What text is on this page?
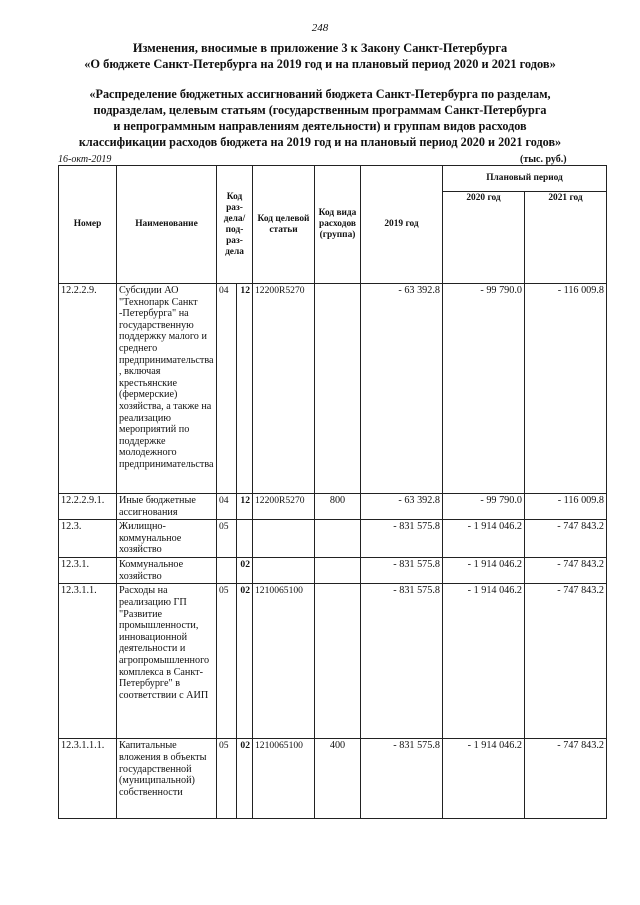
248
Изменения, вносимые в приложение 3 к Закону Санкт-Петербурга
«О бюджете Санкт-Петербурга на 2019 год и на плановый период 2020 и 2021 годов»
«Распределение бюджетных ассигнований бюджета Санкт-Петербурга по разделам,
подразделам, целевым статьям (государственным программам Санкт-Петербурга
и непрограммным направлениям деятельности) и группам видов расходов
классификации расходов бюджета на 2019 год и на плановый период 2020 и 2021 годов»
16-окт-2019	(тыс. руб.)
Номер	Наименование	Код раз-дела/ под-раз-дела		Код целевой статьи	Код вида расходов (группа)	2019 год	Плановый период	
							2020 год	2021 год
12.2.2.9.	Субсидии АО "Технопарк Санкт -Петербурга" на государственную поддержку малого и среднего предпринимательства, включая крестьянские (фермерские) хозяйства, а также на реализацию мероприятий по поддержке молодежного предпринимательства	04	12	12200R5270		- 63 392.8	- 99 790.0	- 116 009.8
12.2.2.9.1.	Иные бюджетные ассигнования	04	12	12200R5270	800	- 63 392.8	- 99 790.0	- 116 009.8
12.3.	Жилищно-коммунальное хозяйство	05				- 831 575.8	- 1 914 046.2	- 747 843.2
12.3.1.	Коммунальное хозяйство		02			- 831 575.8	- 1 914 046.2	- 747 843.2
12.3.1.1.	Расходы на реализацию ГП "Развитие промышленности, инновационной деятельности и агропромышленного комплекса в Санкт-Петербурге" в соответствии с АИП	05	02	1210065100		- 831 575.8	- 1 914 046.2	- 747 843.2
12.3.1.1.1.	Капитальные вложения в объекты государственной (муниципальной) собственности	05	02	1210065100	400	- 831 575.8	- 1 914 046.2	- 747 843.2
